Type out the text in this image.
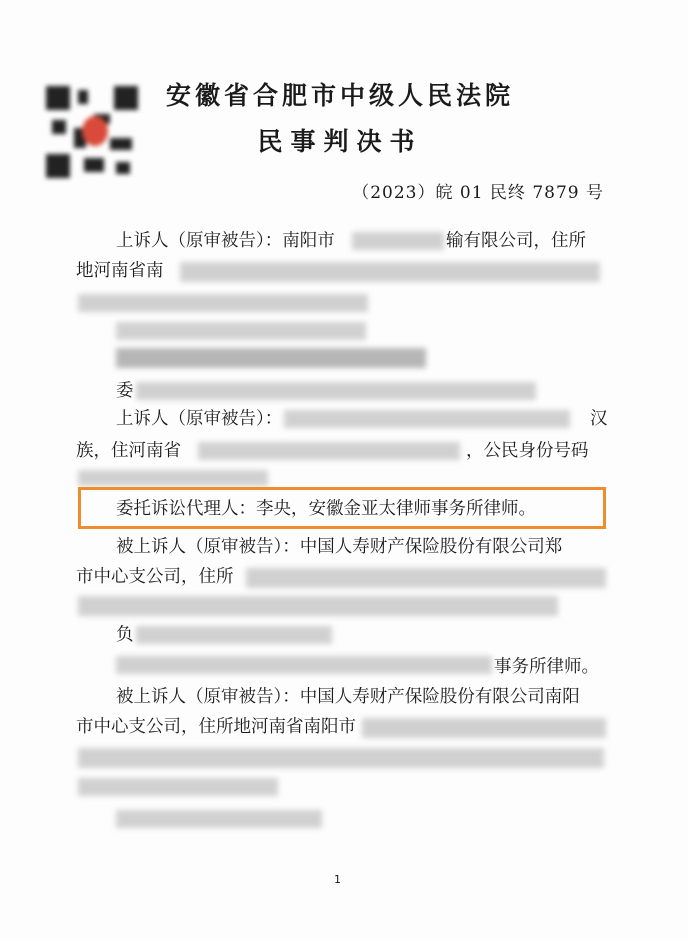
安徽省合肥市中级人民法院
民事判决书
（2023）皖 01 民终 7879 号
上诉人（原审被告）：南阳市	输有限公司，住所
地河南省南
委
上诉人（原审被告）：	汉
族，住河南省	，公民身份号码
委托诉讼代理人：李央，安徽金亚太律师事务所律师。
被上诉人（原审被告）：中国人寿财产保险股份有限公司郑
市中心支公司，住所
负
事务所律师。
被上诉人（原审被告）：中国人寿财产保险股份有限公司南阳
市中心支公司，住所地河南省南阳市
1
